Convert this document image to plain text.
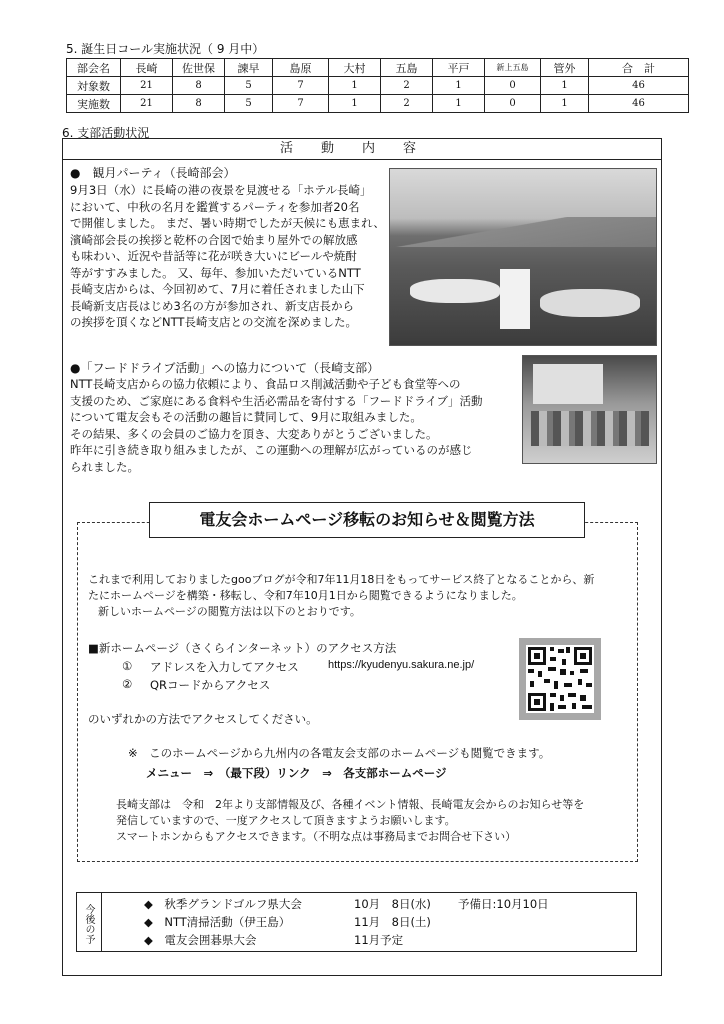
5. 誕生日コール実施状況（ 9 月中）
部会名	長崎	佐世保	諫早	島原	大村	五島	平戸	新上五島	管外	合　計
対象数	21	8	5	7	1	2	1	0	1	46
実施数	21	8	5	7	1	2	1	0	1	46
6. 支部活動状況
活動内容
●　観月パーティ（長崎部会）
9月3日（水）に長崎の港の夜景を見渡せる「ホテル長崎」
において、中秋の名月を鑑賞するパーティを参加者20名
で開催しました。 まだ、暑い時期でしたが天候にも恵まれ、
濱崎部会長の挨拶と乾杯の合図で始まり屋外での解放感
も味わい、近況や昔話等に花が咲き大いにビールや焼酎
等がすすみました。 又、毎年、参加いただいているNTT
長崎支店からは、今回初めて、7月に着任されました山下
長崎新支店長はじめ3名の方が参加され、新支店長から
の挨拶を頂くなどNTT長崎支店との交流を深めました。
●「フードドライブ活動」への協力について（長崎支部）
NTT長崎支店からの協力依頼により、食品ロス削減活動や子ども食堂等への
支援のため、ご家庭にある食料や生活必需品を寄付する「フードドライブ」活動
について電友会もその活動の趣旨に賛同して、9月に取組みました。
その結果、多くの会員のご協力を頂き、大変ありがとうございました。
昨年に引き続き取り組みましたが、この運動への理解が広がっているのが感じ
られました。
電友会ホームページ移転のお知らせ＆閲覧方法
これまで利用しておりましたgooブログが令和7年11月18日をもってサービス終了となることから、新
たにホームページを構築・移転し、令和7年10月1日から閲覧できるようになりました。
新しいホームページの閲覧方法は以下のとおりです。
■新ホームページ（さくらインターネット）のアクセス方法
① アドレスを入力してアクセス	https://kyudenyu.sakura.ne.jp/
② QRコードからアクセス
のいずれかの方法でアクセスしてください。
※　このホームページから九州内の各電友会支部のホームページも閲覧できます。
メニュー　⇒　（最下段）リンク　⇒　各支部ホームページ
長崎支部は　令和　2年より支部情報及び、各種イベント情報、長崎電友会からのお知らせ等を
発信していますので、一度アクセスして頂きますようお願いします。
スマートホンからもアクセスできます。（不明な点は事務局までお問合せ下さい）
今後の予	◆　秋季グランドゴルフ県大会	10月　8日(水) 予備日:10月10日
◆　NTT清掃活動（伊王島）	11月　8日(土)
◆　電友会囲碁県大会	11月予定
